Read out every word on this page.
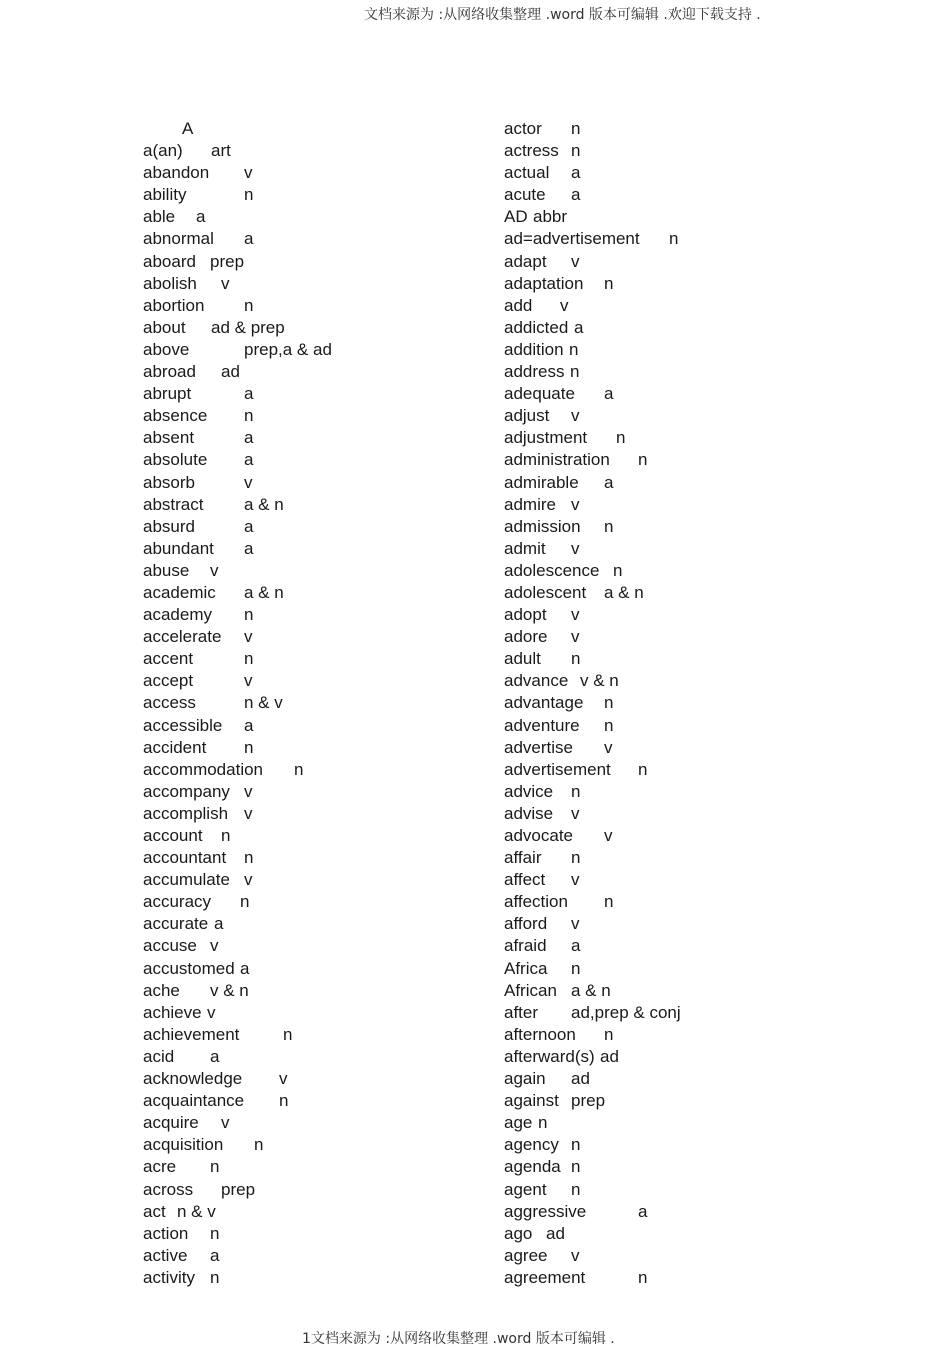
文档来源为 :从网络收集整理 .word 版本可编辑 .欢迎下载支持 .
A
a(an) art
abandon v
ability	n
able a
abnormal a
aboard prep
abolish v
abortion n
about ad & prep
above	prep,a & ad
abroad ad
abrupt	a
absence n
absent	a
absolute a
absorb	v
abstract a & n
absurd	a
abundant a
abuse v
academic a & n
academy n
accelerate v
accent	n
accept	v
access	n & v
accessible a
accident n
accommodation n
accompany v
accomplish v
account n
accountant n
accumulate v
accuracy n
accurate a
accuse v
accustomed a
ache v & n
achieve v
achievement	n
acid a
acknowledge v
acquaintance n
acquire v
acquisition n
acre n
across prep
act n & v
action n
active a
activity n
actor n
actress n
actual a
acute a
AD abbr
ad=advertisement n
adapt v
adaptation n
add v
addicted a
addition n
address n
adequate a
adjust v
adjustment n
administration n
admirable a
admire v
admission n
admit v
adolescence n
adolescent a & n
adopt v
adore v
adult n
advance v & n
advantage n
adventure n
advertise v
advertisement n
advice n
advise v
advocate v
affair n
affect v
affection n
afford v
afraid a
Africa n
African a & n
after ad,prep & conj
afternoon n
afterward(s) ad
again ad
against prep
age n
agency n
agenda n
agent n
aggressive	a
ago ad
agree v
agreement	n
1文档来源为 :从网络收集整理 .word 版本可编辑 .
